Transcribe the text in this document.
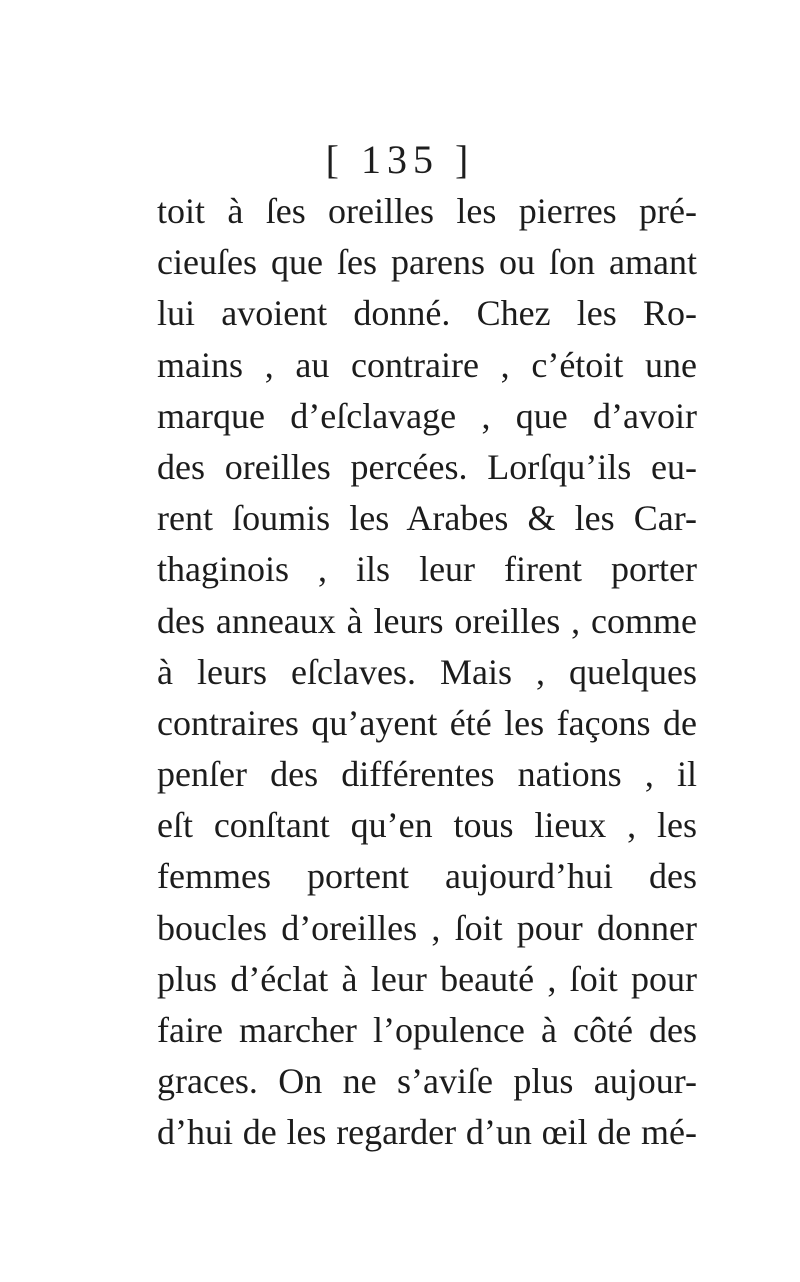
[ 135 ]
toit à ſes oreilles les pierres pré-
cieuſes que ſes parens ou ſon amant
lui avoient donné. Chez les Ro-
mains , au contraire , c’étoit une
marque d’eſclavage , que d’avoir
des oreilles percées. Lorſqu’ils eu-
rent ſoumis les Arabes & les Car-
thaginois , ils leur firent porter
des anneaux à leurs oreilles , comme
à leurs eſclaves. Mais , quelques
contraires qu’ayent été les façons de
penſer des différentes nations , il
eſt conſtant qu’en tous lieux , les
femmes portent aujourd’hui des
boucles d’oreilles , ſoit pour donner
plus d’éclat à leur beauté , ſoit pour
faire marcher l’opulence à côté des
graces. On ne s’aviſe plus aujour-
d’hui de les regarder d’un œil de mé-
